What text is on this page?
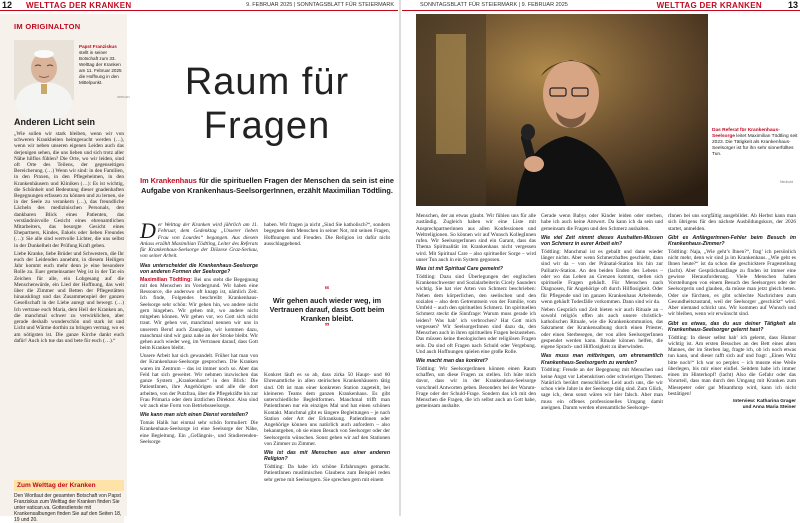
12 WELTTAG DER KRANKEN	9. FEBRUAR 2025 | SONNTAGSBLATT FÜR STEIERMARK	SONNTAGSBLATT FÜR STEIERMARK | 9. FEBRUAR 2025	WELTTAG DER KRANKEN	13
IM ORIGINALTON
Papst Franziskus stellt in seiner Botschaft zum 33. Welttag der Kranken am 11. Februar 2025 die Hoffnung in den Mittelpunkt.
VATICAN
Anderen Licht sein

„Wie sollen wir stark bleiben, wenn wir von schweren Krankheiten heimgesucht werden (…), wenn wir neben unseren eigenen Leiden auch das derjenigen sehen, die uns lieben und sich trotz aller Nähe hilflos fühlen? Die Orte, wo wir leiden, sind oft Orte des Teilens, der gegenseitigen Bereicherung. (…) Wenn wir sind: in den Familien, in den Praxen, in den Pflegeheimen, in den Krankenhäusern und Kliniken (…): Es ist wichtig, die Schönheit und Bedeutung dieser gnadenhaften Begegnungen erfassen zu können und zu lernen, sie in der Seele zu verankern (…), das freundliche Lächeln des medizinischen Personals, den dankbaren Blick eines Patienten, das verständnisvolle Gesicht eines ehrenamtlichen Mitarbeiters, das besorgte Gesicht eines Ehepartners, Kindes, Enkels oder lieben Freundes (…): Sie alle sind wertvolle Lichter, die uns selbst in der Dunkelheit der Prüfung Kraft geben.

Liebe Kranke, liebe Brüder und Schwestern, die Ihr euch der Leidenden annehmt, in diesem Heiligen Jahr kommt euch mehr denn je eine besondere Rolle zu. Euer gemeinsamer Weg ist in der Tat ein Zeichen für alle, ein Lobgesang auf die Menschenwürde, ein Lied der Hoffnung, das weit über die Zimmer und Betten der Pflegestätten hinausklingt und das Zusammenspiel der ganzen Gesellschaft in der Liebe anregt und bewegt. (…) Ich vertraue euch Maria, dem Heil der Kranken an, die manchmal schwer zu verwirklichen, aber gerade deshalb wunderschön und stark ist und Licht und Wärme dorthin zu bringen vermag, wo es am nötigsten ist. Die ganze Kirche dankt euch dafür! Auch ich tue das und bete für euch (…).“

Zum Welttag der Kranken
Den Wortlaut der gesamten Botschaft von Papst Franziskus zum Welttag der Kranken finden Sie unter vatican.va. Gottesdienste mit Krankensalbungen finden Sie auf den Seiten 18, 19 und 20.
Raum für
Fragen
Im Krankenhaus für die spirituellen Fragen der Menschen da sein ist eine Aufgabe von Krankenhaus-SeelsorgerInnen, erzählt Maximilian Tödtling.

Der Welttag der Kranken wird jährlich am 11. Februar, dem Gedenktag „Unserer lieben Frau von Lourdes“ begangen. Aus diesem Anlass erzählt Maximilian Tödtling, Leiter des Referats für Krankenhaus-Seelsorge der Diözese Graz-Seckau, von seiner Arbeit.

Was unterscheidet die Krankenhaus-Seelsorge von anderen Formen der Seelsorge?

Maximilian Tödtling: Bei uns steht die Begegnung mit den Menschen im Vordergrund. Wir haben eine Ressource, die anderswo oft knapp ist, nämlich Zeit. Ich finde, Folgendes beschreibt Krankenhaus-Seelsorge sehr schön: Wir gehen hin, wo andere nicht gern hingehen. Wir gehen mit, wo andere nicht mitgehen können. Wir gehen vor, wo Gott sich nicht traut. Wir gehen vor, manchmal nennen wir uns in unserem Beruf auch Zaungäste, wir kommen dazu, manchmal sind wir ganz nahe an der Stroke bleibt. Wir gehen auch wieder weg, im Vertrauen darauf, dass Gott beim Kranken bleibt.

Unsere Arbeit hat sich gewandelt. Früher hat man von der Krankenhaus-Seelsorge gesprochen. Die Kranken waren im Zentrum – das ist immer noch so. Aber das Feld hat sich geweitet. Wir nehmen inzwischen das ganze System „Krankenhaus“ in den Blick: Die PatientInnen, ihre Angehörigen und alle die dort arbeiten, von der Putzfrau, über die Pflegekräfte bis zur Frau Primaria oder dem ärztlichen Direktor. Also sind wir auch eine Form von Betriebsseelsorge.

Wie kann man sich einen Dienst vorstellen?

Tomás Halík hat einmal sehr schön formuliert: Die Krankenhaus-Seelsorge ist eine Seelsorge der Nähe, eine Begleitung. Ein „Gefängnis-, und Studierenden-Seelsorge

haben. Wir fragen ja nicht „Sind Sie katholisch?“, sondern begegnen dem Menschen in seiner Not, mit seinen Fragen, Hoffnungen und Freuden. Die Religion ist dafür nicht ausschlaggebend.

“
Wir gehen auch wieder weg, im Vertrauen darauf, dass Gott beim Kranken bleibt.
”

Konkret läuft es so ab, dass zirka 50 Haupt- und 60 Ehrenamtliche in allen steirischen Krankenhäusern tätig sind. Oft ist man einer konkreten Station zugeteilt, bei kleineren Teams dem ganzen Krankenhaus. Es gibt unterschiedliche Begleitformen. Manchmal trifft man PatientInnen nur ein einziges Mal und hat einen schönen Kontakt. Manchmal gibt es längere Begleitungen – je nach Station oder Art der Erkrankung. PatientInnen oder Angehörige können uns natürlich auch anfordern – also bekanntgeben, ob sie einen Besuch von Seelsorger oder der Seelsorgerin wünschen. Sonst gehen wir auf den Stationen von Zimmer zu Zimmer.

Wie ist das mit Menschen aus einer anderen Religion?

Tödtling: Da habe ich schöne Erfahrungen gemacht. PatientInnen muslimischen Glaubens zum Beispiel reden sehr gerne mit Seelsorgern. Sie sprechen gern mit einem

Das Referat für Krankenhaus-Seelsorge leitet Maximilian Tödtling seit 2023. Die Tätigkeit als Krankenhaus-Seelsorger ist für ihn sehr sinnerfülltes Tun.
Neuhold

Menschen, der an etwas glaubt. Wir fühlen uns für alle zuständig. Zugleich haben wir eine Liste mit Ansprechpartnerinnen aus allen Konfessionen und Weltreligionen. So können wir auf Wunsch KollegInnen rufen. Wir SeelsorgerInnen sind ein Garant, dass das Thema Spiritualität im Krankenhaus nicht vergessen wird. Mit Spiritual Care – also spiritueller Sorge – wird unser Tun auch in ein System gegossen.

Was ist mit Spiritual Care gemeint?

Tödtling: Dazu sind Überlegungen der englischen Krankenschwester und Sozialarbeiterin Cicely Saunders wichtig. Sie hat vier Arten von Schmerz beschrieben: Neben dem körperlichen, den seelischen und den sozialen – also dem Getrenntsein von der Familie, vom Umfeld – auch den spirituellen Schmerz. Im spirituellen Schmerz steckt die Sinnfrage: Warum muss gerade ich leiden? Was hab’ ich verbrochen? Hat Gott mich vergessen? Wir SeelsorgerInnen sind dazu da, den Menschen auch in ihren spirituellen Fragen beizustehen. Das müssen keine theologischen oder religiösen Fragen sein. Da sind oft Fragen nach Schuld oder Vergebung. Und auch Hoffnungen spielen eine große Rolle.

Wie macht man das konkret?

Tödtling: Wir SeelsorgerInnen können einen Raum schaffen, um diese Fragen zu stellen. Ich hüte mich davor, dass wir in der Krankenhaus-Seelsorge vorschnell Antworten geben. Besonders bei der Warum-Frage oder der Schuld-Frage. Sondern das ich mit den Menschen die Fragen, die ich selbst auch an Gott habe, gemeinsam aushalte.

Gerade wenn Babys oder Kinder leiden oder sterben, habe ich auch keine Antwort. Da kann ich da sein und gemeinsam die Fragen und den Schmerz aushalten.

Wie viel Zeit nimmt dieses Aushalten-Müssen von Schmerz in eurer Arbeit ein?

Tödtling: Manchmal ist es geballt und dann wieder länger nichts. Aber wenn Schmerzhaftes geschieht, dann sind wir da – von der Pränatal-Station bis hin zur Palliativ-Station. An den beiden Enden des Lebens – oder wo das Leben an Grenzen kommt, stellen sich spirituelle Fragen gehäuft. Für Menschen nach Diagnosen, für Angehörige oft durch Hilflosigkeit. Oder für Pflegende und im ganzen Krankenhaus Arbeitende, wenn gehäuft Todesfälle vorkommen. Dann sind wir da.

Neben Gespräch und Zeit bieten wir auch Rituale an – sowohl religiös offen als auch unsere christlich-katholischen Rituale, wie die Krankenkommunion, das Sakrament der Krankensalbung durch einen Priester, oder einen Sterbesegen, der von allen SeelsorgerInnen gespendet werden kann. Rituale können helfen, die eigene Sprach- und Hilflosigkeit zu überwinden.

Was muss man mitbringen, um ehrenamtlich Krankenhaus-SeelsorgerIn zu werden?

Tödtling: Freude an der Begegnung mit Menschen und keine Angst vor Lebenskrisen oder schwierigen Themen. Natürlich berührt menschliches Leid auch uns, die wir schon viele Jahre in der Seelsorge tätig sind. Zum Glück, sage ich, denn sonst wären wir hier falsch. Aber man muss ein offenes professionelles Umgang damit aneignen. Darum werden ehrenamtliche Seelsorge-

rInnen bei uns sorgfältig ausgebildet. Ab Herbst kann man sich übrigens für den nächste Ausbildungskurs, der 2026 startet, anmelden.

Gibt es Anfängerinnen-Fehler beim Besuch im Krankenhaus-Zimmer?

Tödtling: Naja, „Wie geht’s Ihnen?“, frag’ ich persönlich nicht mehr, denn wir sind ja im Krankenhaus. „Wie geht es Ihnen heute?“ ist da schon die geschicktere Fragestellung (lacht). Aber Gesprächsanfänge zu finden ist immer eine gewisse Herausforderung. Viele Menschen haben Vorstellungen von einem Besuch des Seelsorgers oder der Seelsorgerin und glauben, da müsse man jetzt gleich beten. Oder sie fürchten, es gibt schlechte Nachrichten zum Gesundheitszustand, weil der Seelsorger „geschickt“ wird. Aber niemand schickt uns. Wir kommen auf Wunsch und wir bleiben, wenn wir erwünscht sind.

Gibt es etwas, das du aus deiner Tätigkeit als Krankenhaus-Seelsorger gelernt hast?

Tödtling: In dieser selbst hab’ ich gelernt, dass Humor wichtig ist. Am ersten Besuches an des Bett eines alten Mannes, der im Sterben lag, fragte ich, ob ich noch etwas tun kann, und dieser rafft sich auf und fragt: „Einen Witz bitte noch!“ Ich war so perplex – ich musste eine Weile überlegen, bis mir einer einfiel. Seitdem habe ich immer einen im Hinterkopf! (lacht) Also die Gefahr oder das Vorurteil, dass man durch den Umgang mit Kranken zum Miesepeter oder gar Misanthrop wird, kann ich nicht bestätigen!

Interview: Katharina Grager
und Anna Maria Steiner
